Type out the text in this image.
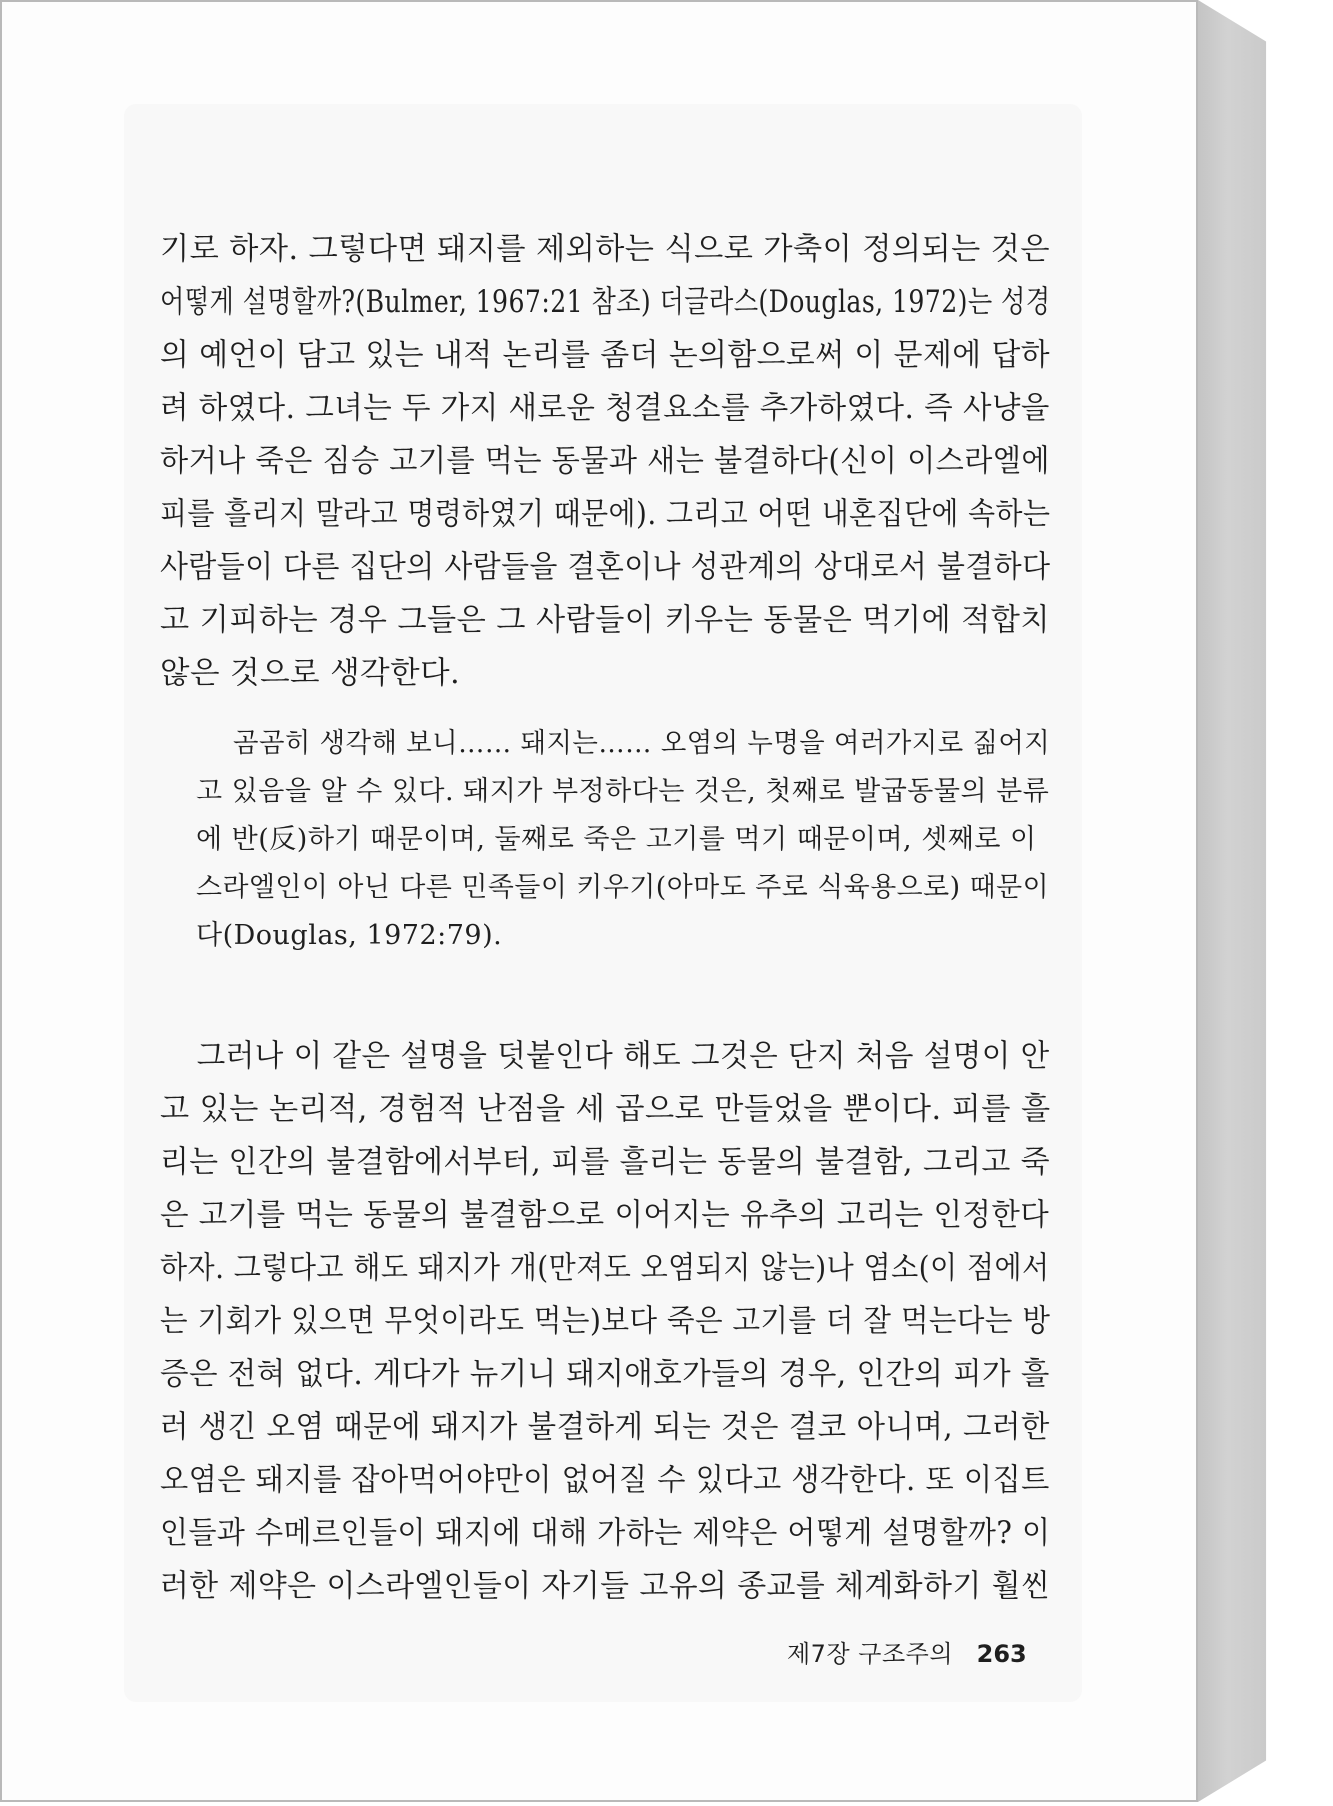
기로 하자. 그렇다면 돼지를 제외하는 식으로 가축이 정의되는 것은
어떻게 설명할까?(Bulmer, 1967:21 참조) 더글라스(Douglas, 1972)는 성경
의 예언이 담고 있는 내적 논리를 좀더 논의함으로써 이 문제에 답하
려 하였다. 그녀는 두 가지 새로운 청결요소를 추가하였다. 즉 사냥을
하거나 죽은 짐승 고기를 먹는 동물과 새는 불결하다(신이 이스라엘에
피를 흘리지 말라고 명령하였기 때문에). 그리고 어떤 내혼집단에 속하는
사람들이 다른 집단의 사람들을 결혼이나 성관계의 상대로서 불결하다
고 기피하는 경우 그들은 그 사람들이 키우는 동물은 먹기에 적합치
않은 것으로 생각한다.
곰곰히 생각해 보니…… 돼지는…… 오염의 누명을 여러가지로 짊어지
고 있음을 알 수 있다. 돼지가 부정하다는 것은, 첫째로 발굽동물의 분류
에 반(反)하기 때문이며, 둘째로 죽은 고기를 먹기 때문이며, 셋째로 이
스라엘인이 아닌 다른 민족들이 키우기(아마도 주로 식육용으로) 때문이
다(Douglas, 1972:79).
그러나 이 같은 설명을 덧붙인다 해도 그것은 단지 처음 설명이 안
고 있는 논리적, 경험적 난점을 세 곱으로 만들었을 뿐이다. 피를 흘
리는 인간의 불결함에서부터, 피를 흘리는 동물의 불결함, 그리고 죽
은 고기를 먹는 동물의 불결함으로 이어지는 유추의 고리는 인정한다
하자. 그렇다고 해도 돼지가 개(만져도 오염되지 않는)나 염소(이 점에서
는 기회가 있으면 무엇이라도 먹는)보다 죽은 고기를 더 잘 먹는다는 방
증은 전혀 없다. 게다가 뉴기니 돼지애호가들의 경우, 인간의 피가 흘
러 생긴 오염 때문에 돼지가 불결하게 되는 것은 결코 아니며, 그러한
오염은 돼지를 잡아먹어야만이 없어질 수 있다고 생각한다. 또 이집트
인들과 수메르인들이 돼지에 대해 가하는 제약은 어떻게 설명할까? 이
러한 제약은 이스라엘인들이 자기들 고유의 종교를 체계화하기 훨씬
제7장 구조주의 263
